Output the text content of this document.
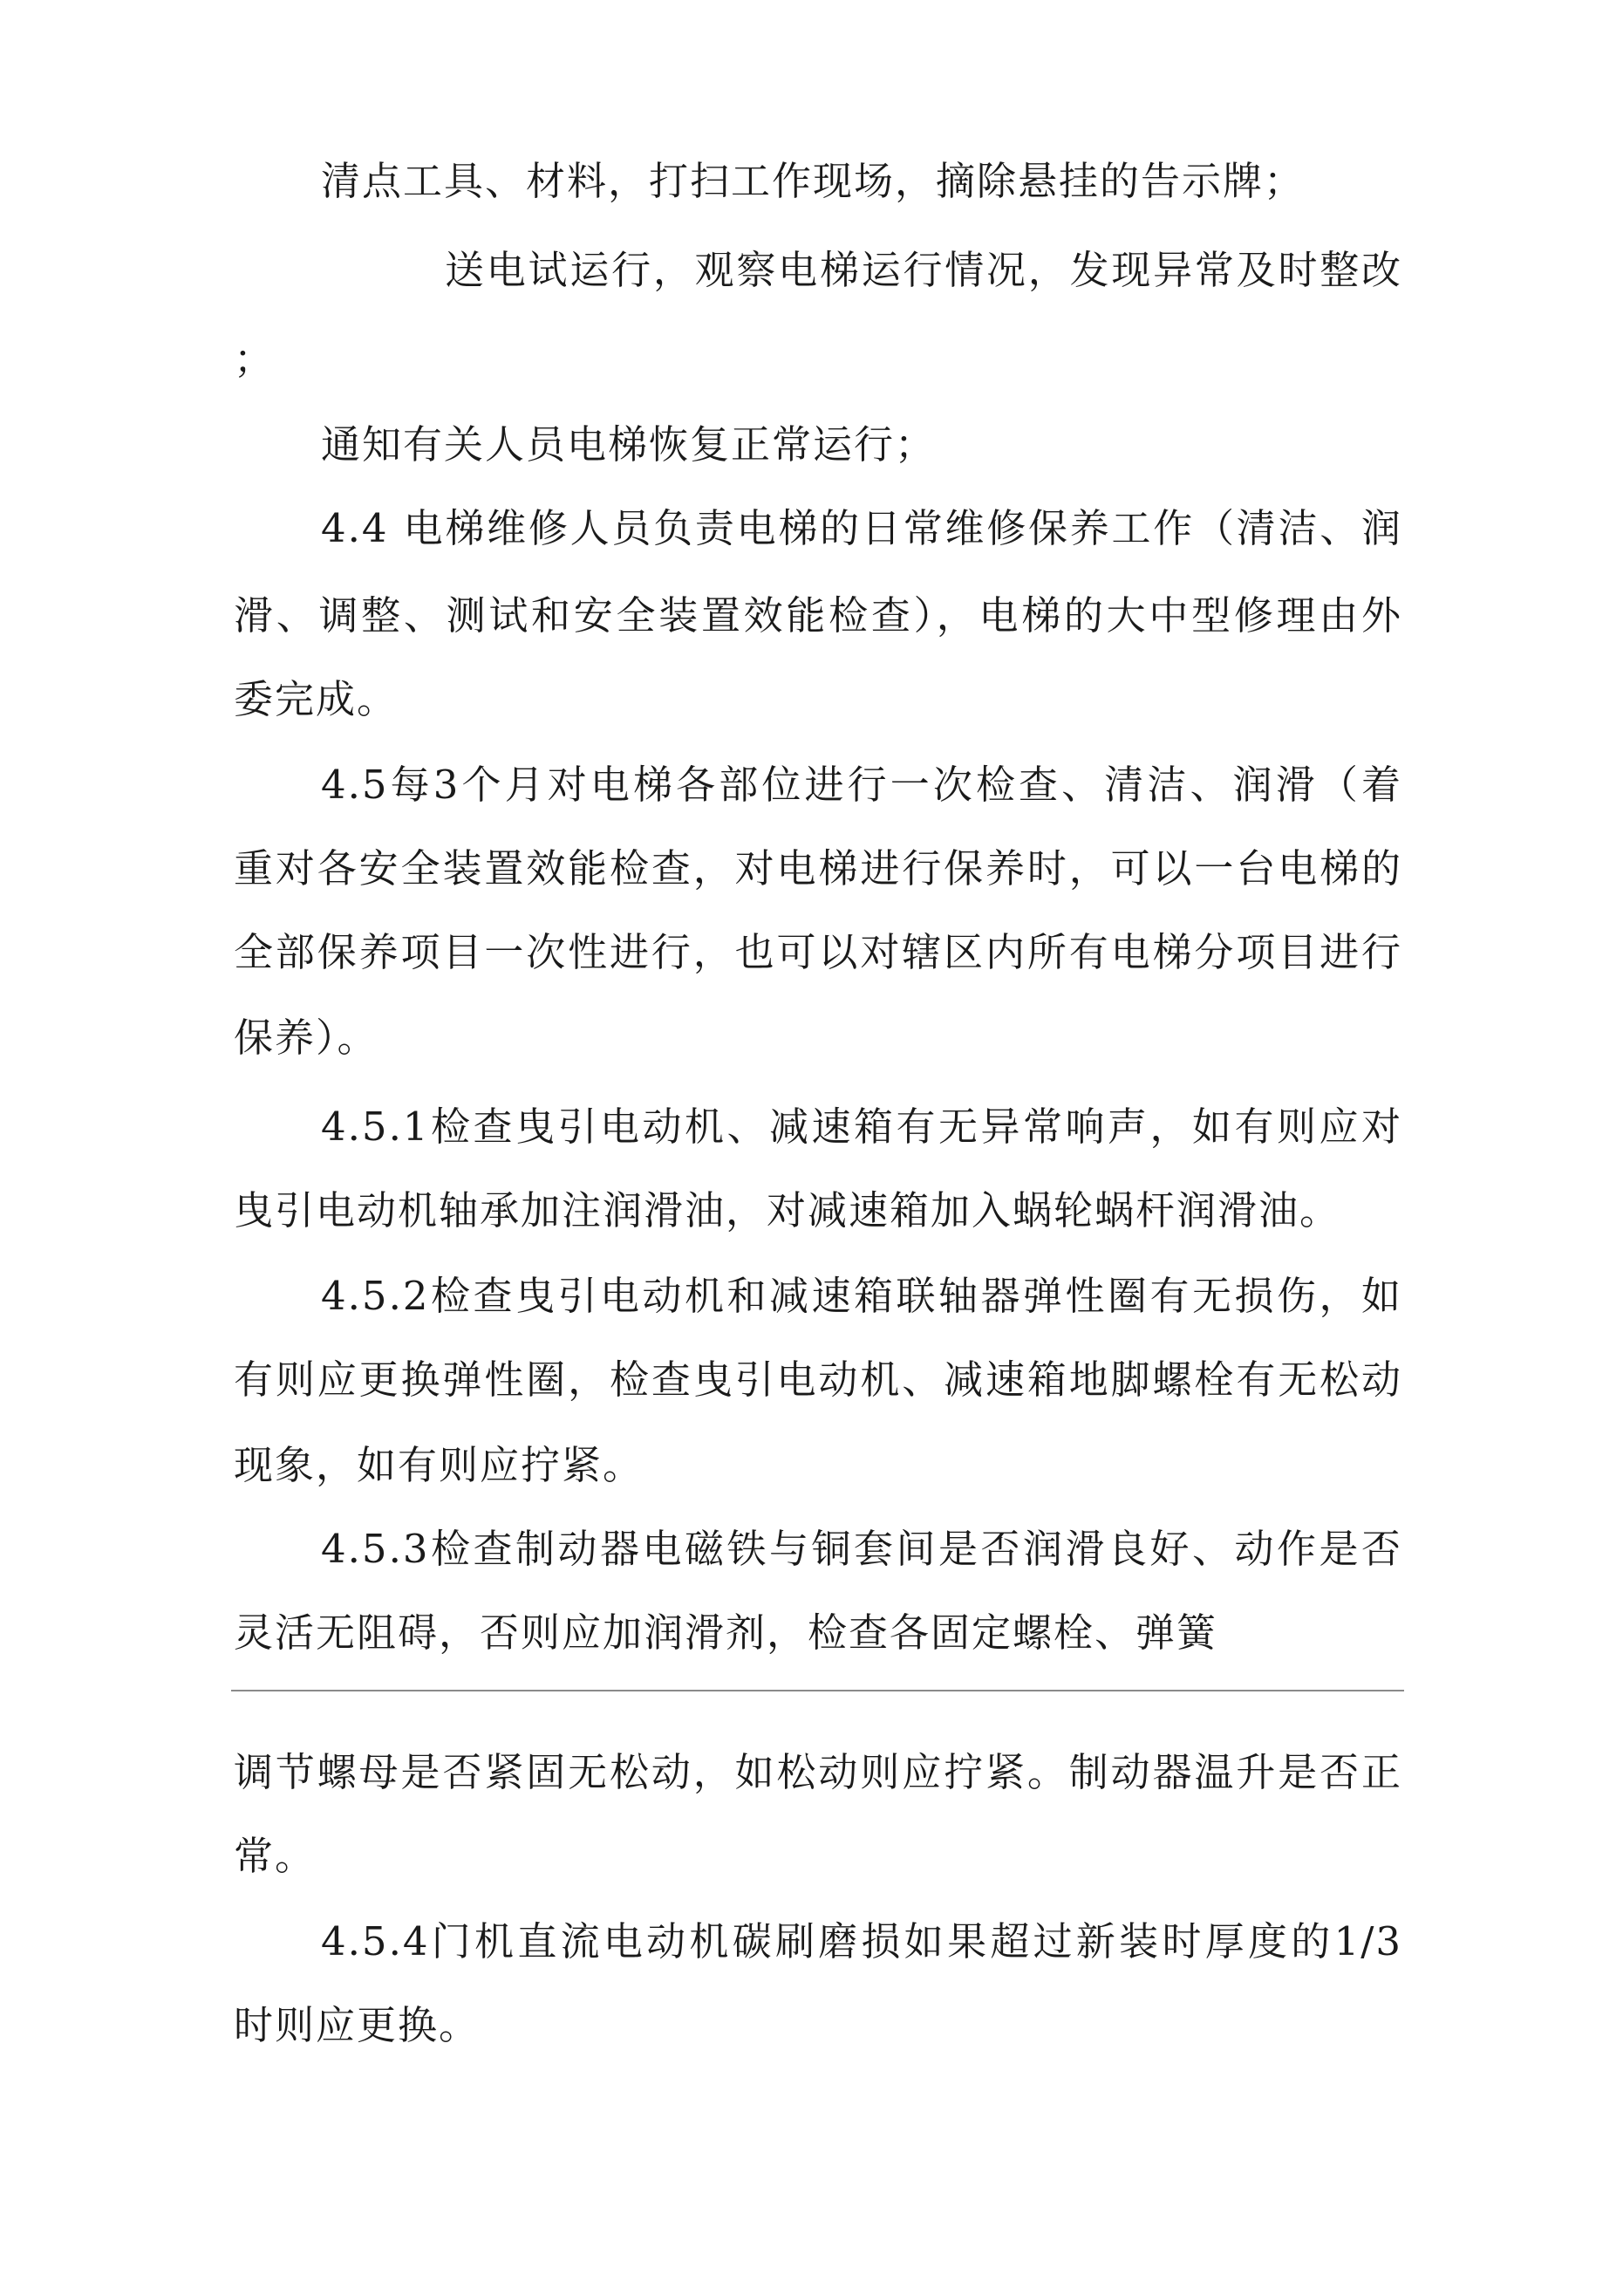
清点工具、材料，打扫工作现场，摘除悬挂的告示牌；
送电试运行，观察电梯运行情况，发现异常及时整改
；
通知有关人员电梯恢复正常运行；
4.4 电梯维修人员负责电梯的日常维修保养工作（清洁、润
滑、调整、测试和安全装置效能检查），电梯的大中型修理由外
委完成。
4.5每3个月对电梯各部位进行一次检查、清洁、润滑（着
重对各安全装置效能检查，对电梯进行保养时，可以一台电梯的
全部保养项目一次性进行，也可以对辖区内所有电梯分项目进行
保养）。
4.5.1检查曳引电动机、减速箱有无异常响声，如有则应对
曳引电动机轴承加注润滑油，对减速箱加入蜗轮蜗杆润滑油。
4.5.2检查曳引电动机和减速箱联轴器弹性圈有无损伤，如
有则应更换弹性圈，检查曳引电动机、减速箱地脚螺栓有无松动
现象，如有则应拧紧。
4.5.3检查制动器电磁铁与铜套间是否润滑良好、动作是否
灵活无阻碍，否则应加润滑剂，检查各固定螺栓、弹簧
调节螺母是否紧固无松动，如松动则应拧紧。制动器温升是否正
常。
4.5.4门机直流电动机碳刷磨损如果超过新装时厚度的1/3
时则应更换。
